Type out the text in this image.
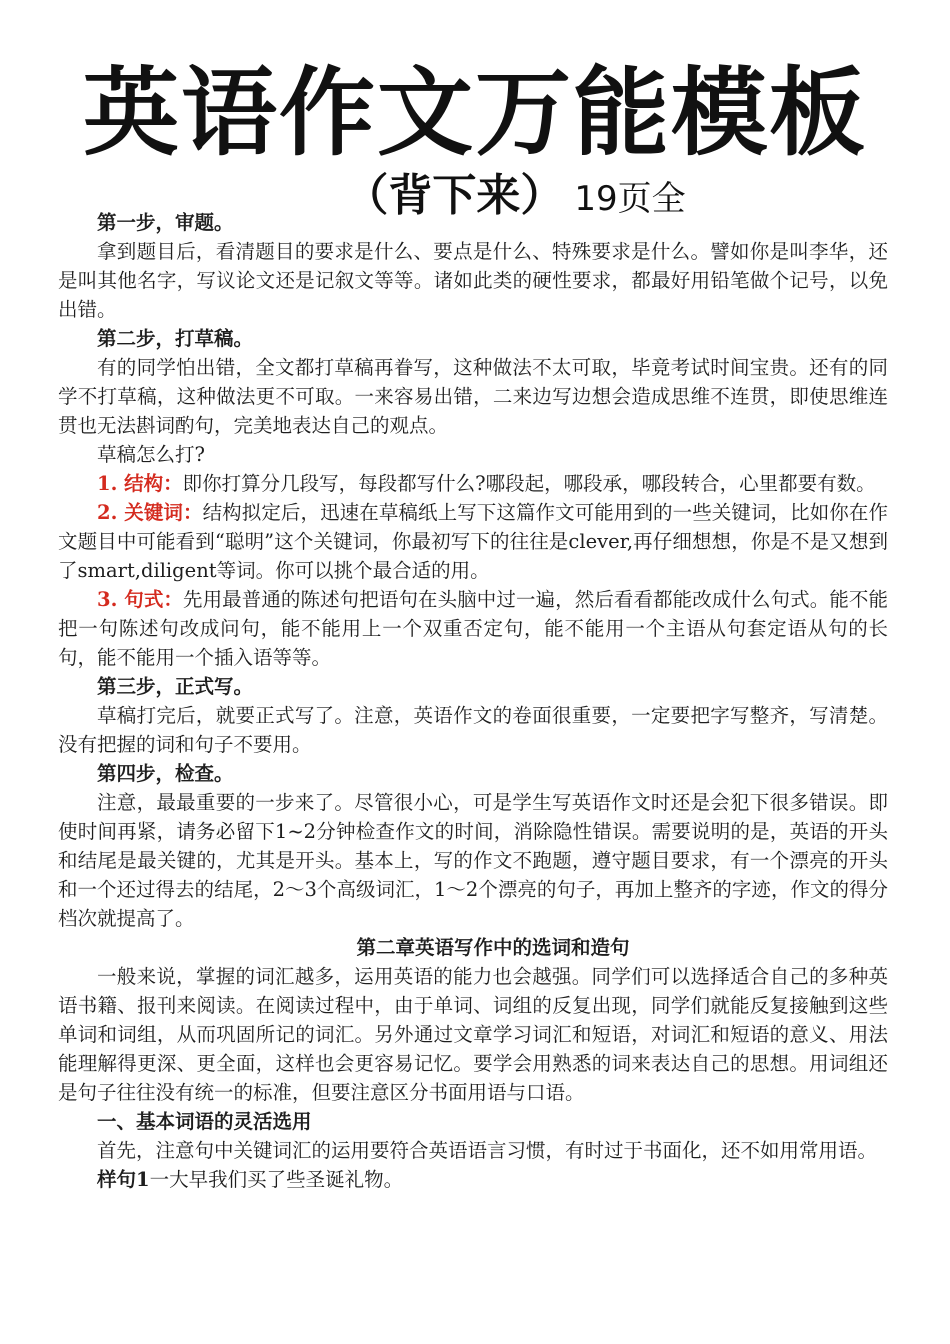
英语作文万能模板
（背下来） 19页全

第一步，审题。

拿到题目后，看清题目的要求是什么、要点是什么、特殊要求是什么。譬如你是叫李华，还是叫其他名字，写议论文还是记叙文等等。诸如此类的硬性要求，都最好用铅笔做个记号，以免出错。

第二步，打草稿。

有的同学怕出错，全文都打草稿再眷写，这种做法不太可取，毕竟考试时间宝贵。还有的同学不打草稿，这种做法更不可取。一来容易出错，二来边写边想会造成思维不连贯，即使思维连贯也无法斟词酌句，完美地表达自己的观点。

草稿怎么打?

1. 结构：即你打算分几段写，每段都写什么?哪段起，哪段承，哪段转合，心里都要有数。

2. 关键词：结构拟定后，迅速在草稿纸上写下这篇作文可能用到的一些关键词，比如你在作文题目中可能看到“聪明”这个关键词，你最初写下的往往是clever,再仔细想想，你是不是又想到了smart,diligent等词。你可以挑个最合适的用。

3. 句式：先用最普通的陈述句把语句在头脑中过一遍，然后看看都能改成什么句式。能不能把一句陈述句改成问句，能不能用上一个双重否定句，能不能用一个主语从句套定语从句的长句，能不能用一个插入语等等。

第三步，正式写。

草稿打完后，就要正式写了。注意，英语作文的卷面很重要，一定要把字写整齐，写清楚。没有把握的词和句子不要用。

第四步，检查。

注意，最最重要的一步来了。尽管很小心，可是学生写英语作文时还是会犯下很多错误。即使时间再紧，请务必留下1~2分钟检查作文的时间，消除隐性错误。需要说明的是，英语的开头和结尾是最关键的，尤其是开头。基本上，写的作文不跑题，遵守题目要求，有一个漂亮的开头和一个还过得去的结尾，2～3个高级词汇，1～2个漂亮的句子，再加上整齐的字迹，作文的得分档次就提高了。

第二章英语写作中的选词和造句

一般来说，掌握的词汇越多，运用英语的能力也会越强。同学们可以选择适合自己的多种英语书籍、报刊来阅读。在阅读过程中，由于单词、词组的反复出现，同学们就能反复接触到这些单词和词组，从而巩固所记的词汇。另外通过文章学习词汇和短语，对词汇和短语的意义、用法能理解得更深、更全面，这样也会更容易记忆。要学会用熟悉的词来表达自己的思想。用词组还是句子往往没有统一的标准，但要注意区分书面用语与口语。

一、基本词语的灵活选用

首先，注意句中关键词汇的运用要符合英语语言习惯，有时过于书面化，还不如用常用语。

样句1一大早我们买了些圣诞礼物。
